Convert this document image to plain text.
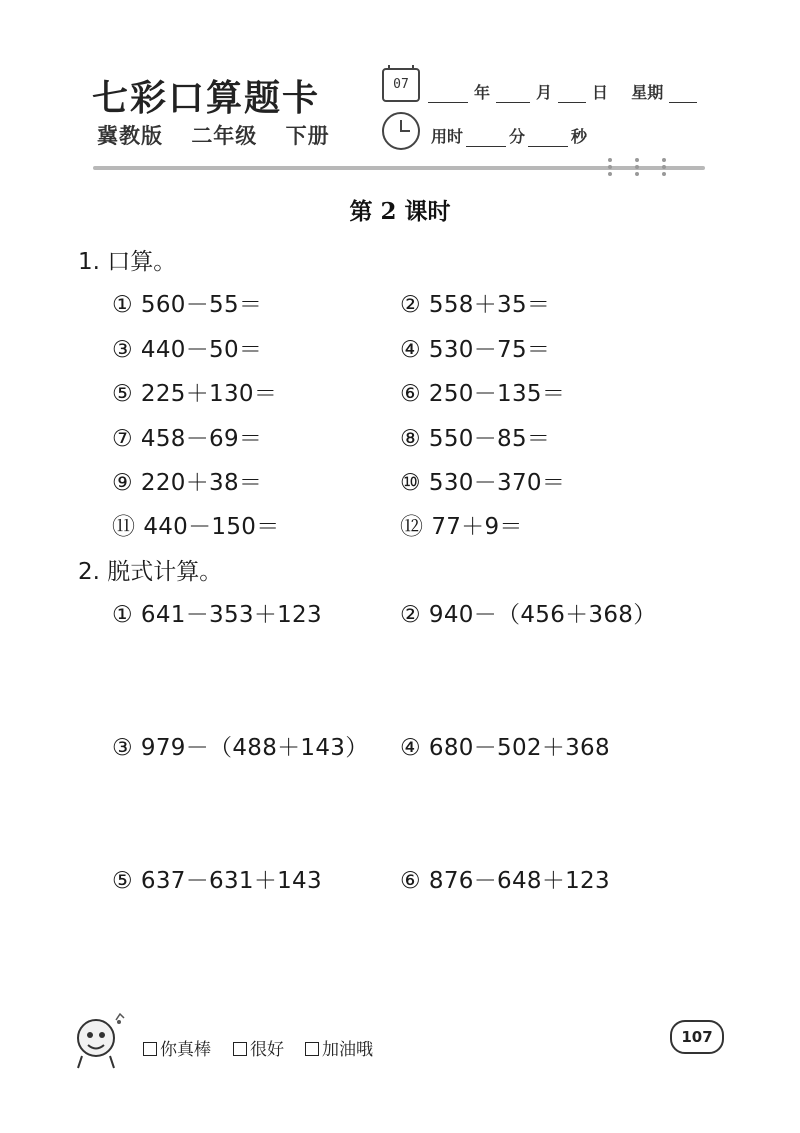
七彩口算题卡
冀教版 二年级 下册
07	年	月	日 星期
用时	分	秒
第 2 课时
1. 口算。
① 560－55＝	② 558＋35＝
③ 440－50＝	④ 530－75＝
⑤ 225＋130＝	⑥ 250－135＝
⑦ 458－69＝	⑧ 550－85＝
⑨ 220＋38＝	⑩ 530－370＝
⑪ 440－150＝	⑫ 77＋9＝
2. 脱式计算。
① 641－353＋123	② 940－（456＋368）
③ 979－（488＋143） ④ 680－502＋368
⑤ 637－631＋143	⑥ 876－648＋123
你真棒	很好	加油哦
107
